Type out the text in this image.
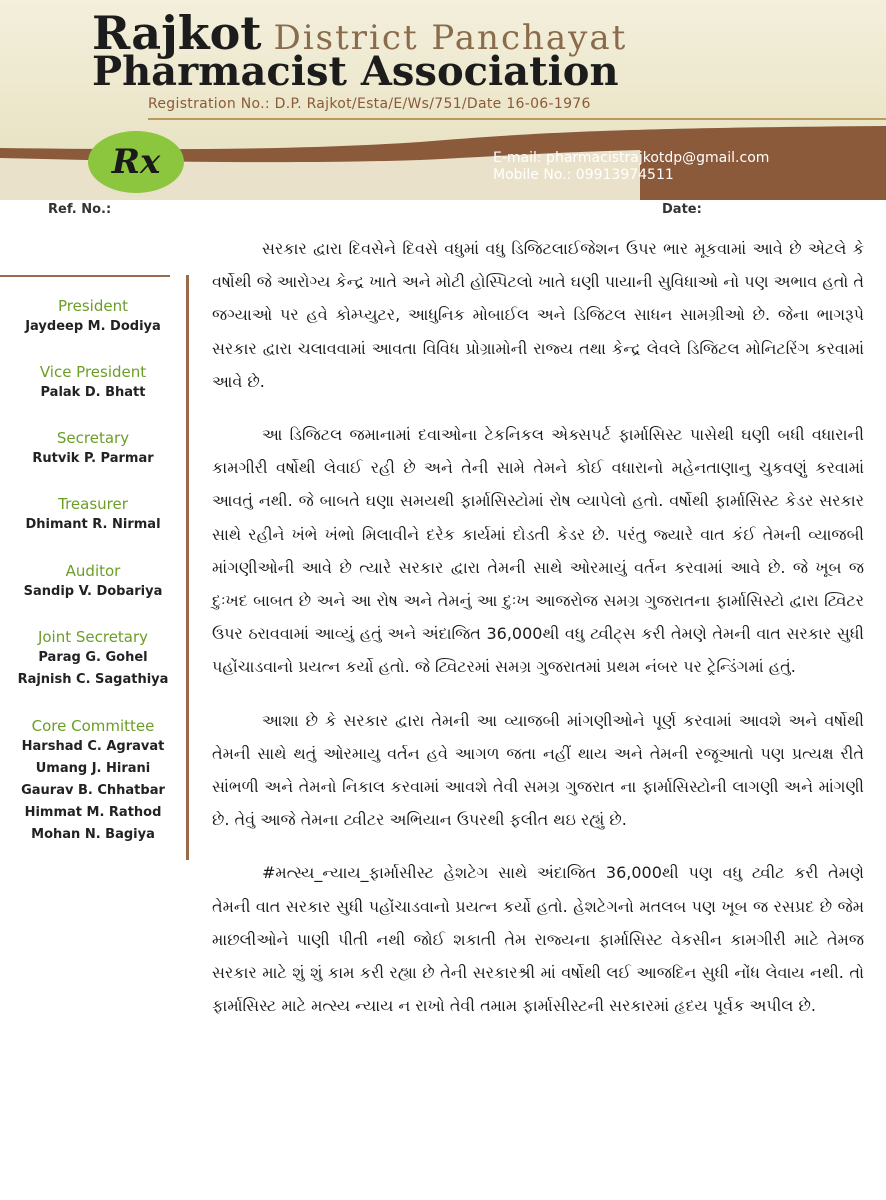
Rajkot District Panchayat
Pharmacist Association
Registration No.: D.P. Rajkot/Esta/E/Ws/751/Date 16-06-1976
Rx	E-mail: pharmacistrajkotdp@gmail.com
Mobile No.: 09913974511
Ref. No.:	Date:
President
Jaydeep M. Dodiya
Vice President
Palak D. Bhatt
Secretary
Rutvik P. Parmar
Treasurer
Dhimant R. Nirmal
Auditor
Sandip V. Dobariya
Joint Secretary
Parag G. Gohel
Rajnish C. Sagathiya
Core Committee
Harshad C. Agravat
Umang J. Hirani
Gaurav B. Chhatbar
Himmat M. Rathod
Mohan N. Bagiya

સરકાર દ્વારા દિવસેને દિવસે વધુમાં વધુ ડિજિટલાઈજેશન ઉપર ભાર મૂકવામાં આવે છે એટલે કે વર્ષોથી જે આરોગ્ય કેન્દ્ર ખાતે અને મોટી હોસ્પિટલો ખાતે ઘણી પાયાની સુવિધાઓ નો પણ અભાવ હતો તે જગ્યાઓ પર હવે કોમ્પ્યુટર, આધુનિક મોબાઈલ અને ડિજિટલ સાધન સામગ્રીઓ છે. જેના ભાગરૂપે સરકાર દ્વારા ચલાવવામાં આવતા વિવિધ પ્રોગ્રામોની રાજ્ય તથા કેન્દ્ર લેવલે ડિજિટલ મોનિટરિંગ કરવામાં આવે છે.

આ ડિજિટલ જમાનામાં દવાઓના ટેકનિકલ એક્સપર્ટ ફાર્માસિસ્ટ પાસેથી ઘણી બધી વધારાની કામગીરી વર્ષોથી લેવાઈ રહી છે અને તેની સામે તેમને કોઈ વધારાનો મહેનતાણાનુ ચુકવણું કરવામાં આવતું નથી. જે બાબતે ઘણા સમયથી ફાર્માસિસ્ટોમાં રોષ વ્યાપેલો હતો. વર્ષોથી ફાર્માસિસ્ટ કેડર સરકાર સાથે રહીને ખંભે ખંભો મિલાવીને દરેક કાર્યમાં દોડતી કેડર છે. પરંતુ જ્યારે વાત કંઈ તેમની વ્યાજબી માંગણીઓની આવે છે ત્યારે સરકાર દ્વારા તેમની સાથે ઓરમાયું વર્તન કરવામાં આવે છે. જે ખૂબ જ દુઃખદ બાબત છે અને આ રોષ અને તેમનું આ દુઃખ આજરોજ સમગ્ર ગુજરાતના ફાર્માસિસ્ટો દ્વારા ટ્વિટર ઉપર ઠરાવવામાં આવ્યું હતું અને અંદાજિત 36,000થી વધુ ટ્વીટ્સ કરી તેમણે તેમની વાત સરકાર સુધી પહોંચાડવાનો પ્રયત્ન કર્યો હતો. જે ટ્વિટરમાં સમગ્ર ગુજરાતમાં પ્રથમ નંબર પર ટ્રેન્ડિંગમાં હતું.

આશા છે કે સરકાર દ્વારા તેમની આ વ્યાજબી માંગણીઓને પૂર્ણ કરવામાં આવશે અને વર્ષોથી તેમની સાથે થતું ઓરમાયુ વર્તન હવે આગળ જતા નહીં થાય અને તેમની રજૂઆતો પણ પ્રત્યક્ષ રીતે સાંભળી અને તેમનો નિકાલ કરવામાં આવશે તેવી સમગ્ર ગુજરાત ના ફાર્માસિસ્ટોની લાગણી અને માંગણી છે. તેવું આજે તેમના ટ્વીટર અભિયાન ઉપરથી ફલીત થઇ રહ્યું છે.

#મત્સ્ય_ન્યાય_ફાર્માસીસ્ટ હેશટેગ સાથે અંદાજિત 36,000થી પણ વધુ ટ્વીટ કરી તેમણે તેમની વાત સરકાર સુધી પહોંચાડવાનો પ્રયત્ન કર્યો હતો. હેશટેગનો મતલબ પણ ખૂબ જ રસપ્રદ છે જેમ માછલીઓને પાણી પીતી નથી જોઈ શકાતી તેમ રાજ્યના ફાર્માસિસ્ટ વેકસીન કામગીરી માટે તેમજ સરકાર માટે શું શું કામ કરી રહ્યા છે તેની સરકારશ્રી માં વર્ષોથી લઈ આજદિન સુધી નોંધ લેવાય નથી. તો ફાર્માસિસ્ટ માટે મત્સ્ય ન્યાય ન રાખો તેવી તમામ ફાર્માસીસ્ટની સરકારમાં હૃદય પૂર્વક અપીલ છે.
